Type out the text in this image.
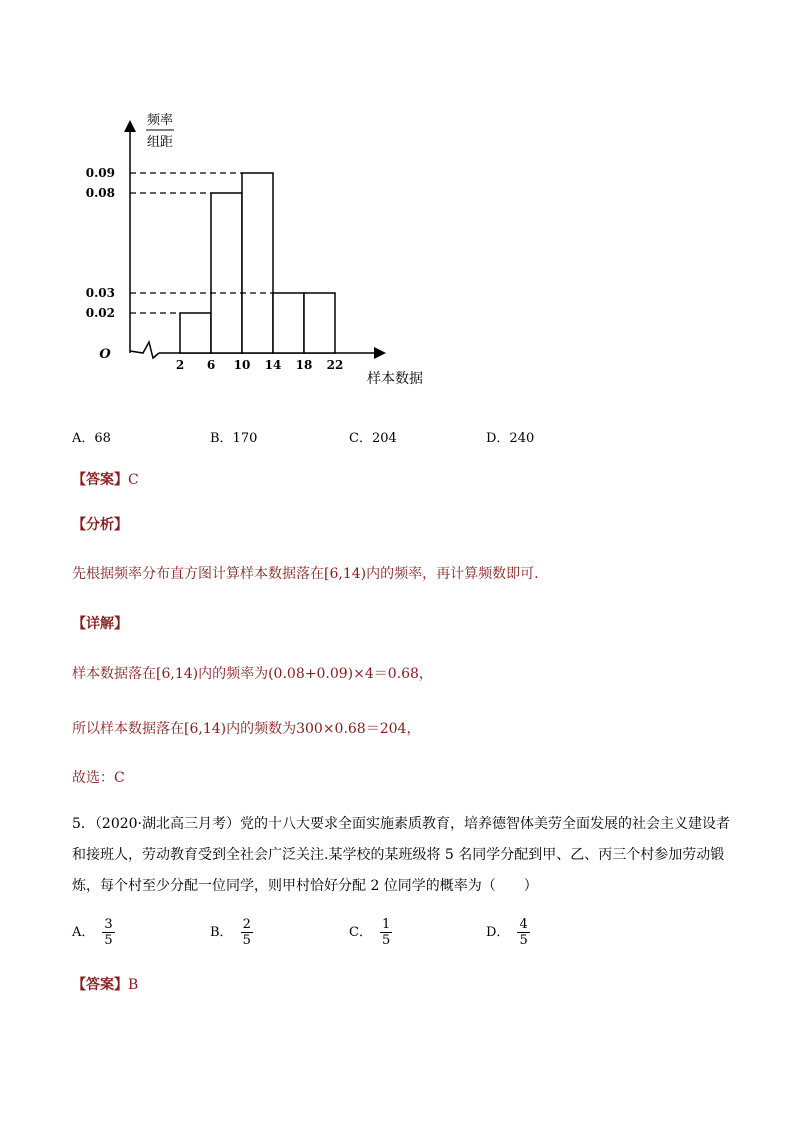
频率
组距
O
样本数据
0.09
0.08
0.03
0.02
2 6 10 14 18 22
A．68	B．170	C．204	D．240
【答案】C
【分析】
先根据频率分布直方图计算样本数据落在[6,14)内的频率，再计算频数即可.
【详解】
样本数据落在[6,14)内的频率为(0.08+0.09)×4＝0.68，
所以样本数据落在[6,14)内的频数为300×0.68＝204，
故选：C
5．（2020·湖北高三月考）党的十八大要求全面实施素质教育，培养德智体美劳全面发展的社会主义建设者
和接班人，劳动教育受到全社会广泛关注.某学校的某班级将 5 名同学分配到甲、乙、丙三个村参加劳动锻
炼，每个村至少分配一位同学，则甲村恰好分配 2 位同学的概率为（　　）
A． $\frac{3}{5}$	B． $\frac{2}{5}$	C． $\frac{1}{5}$	D． $\frac{4}{5}$
【答案】B
